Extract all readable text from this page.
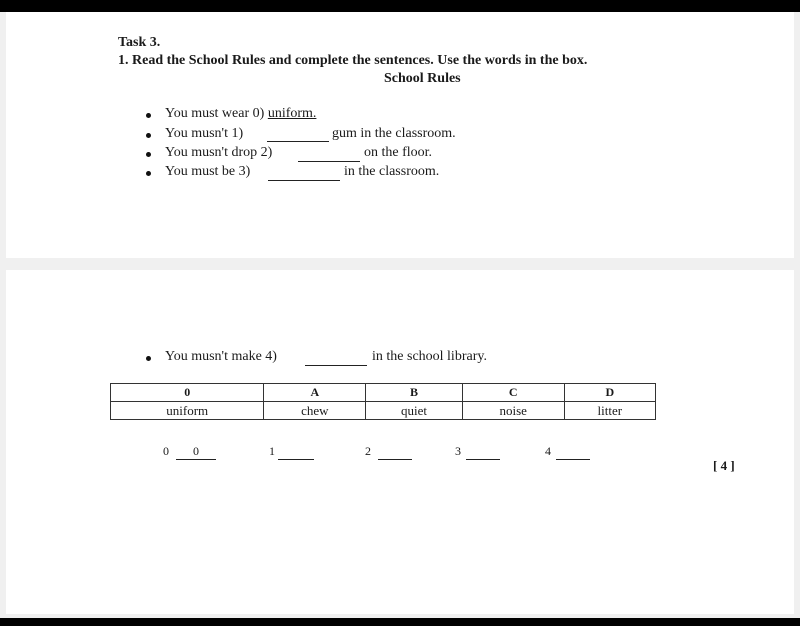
Task 3.
1. Read the School Rules and complete the sentences. Use the words in the box.
School Rules
You must wear 0) uniform.
You musn't 1)	gum in the classroom.
You musn't drop 2)	on the floor.
You must be 3)	in the classroom.
You musn't make 4)	in the school library.
0	A	B	C	D
uniform	chew	quiet	noise	litter
0	0	1	2	3	4
[ 4 ]
